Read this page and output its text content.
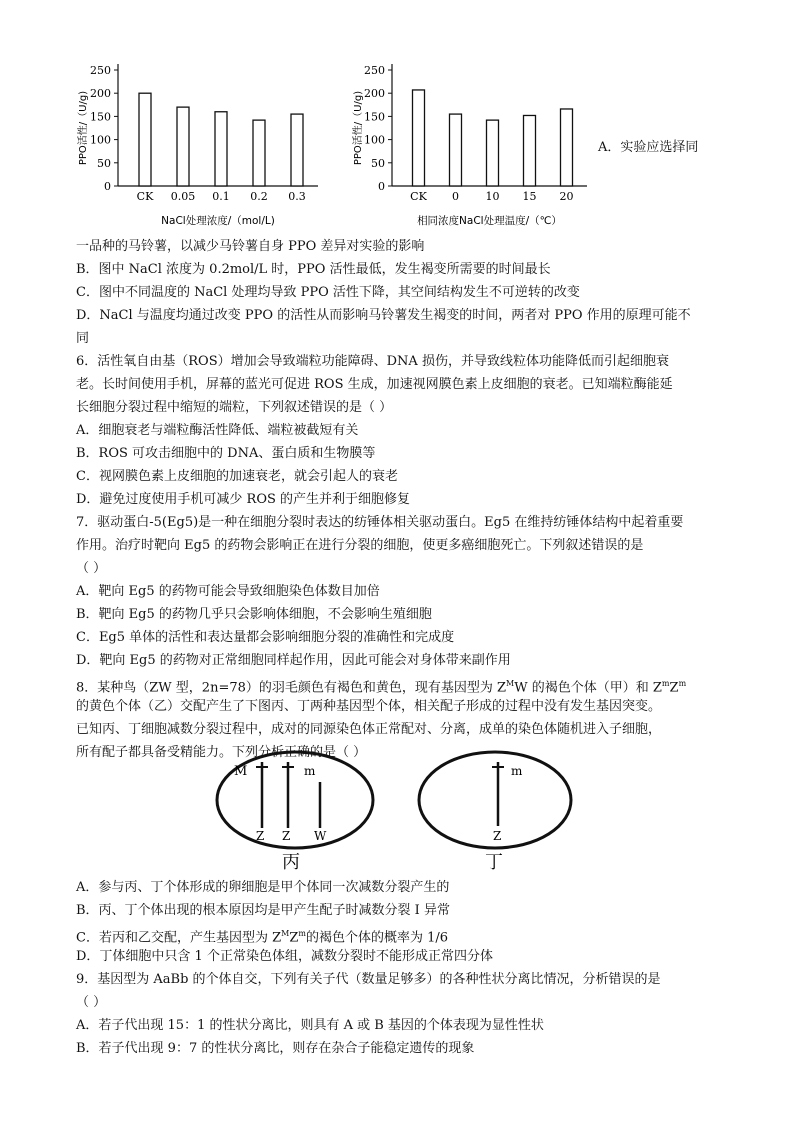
0
50
100
150
200
250
CK 0.05 0.1 0.2 0.3
PPO活性/（U/g)
NaCl处理浓度/（mol/L)
0
50
100
150
200
250
CK 0 10 15 20
PPO活性/（U/g)
相同浓度NaCl处理温度/（℃）
A．实验应选择同
一品种的马铃薯，以减少马铃薯自身 PPO 差异对实验的影响
B．图中 NaCl 浓度为 0.2mol/L 时，PPO 活性最低，发生褐变所需要的时间最长
C．图中不同温度的 NaCl 处理均导致 PPO 活性下降，其空间结构发生不可逆转的改变
D．NaCl 与温度均通过改变 PPO 的活性从而影响马铃薯发生褐变的时间，两者对 PPO 作用的原理可能不
同
6．活性氧自由基（ROS）增加会导致端粒功能障碍、DNA 损伤，并导致线粒体功能降低而引起细胞衰
老。长时间使用手机，屏幕的蓝光可促进 ROS 生成，加速视网膜色素上皮细胞的衰老。已知端粒酶能延
长细胞分裂过程中缩短的端粒，下列叙述错误的是（ ）
A．细胞衰老与端粒酶活性降低、端粒被截短有关
B．ROS 可攻击细胞中的 DNA、蛋白质和生物膜等
C．视网膜色素上皮细胞的加速衰老，就会引起人的衰老
D．避免过度使用手机可减少 ROS 的产生并利于细胞修复
7．驱动蛋白-5(Eg5)是一种在细胞分裂时表达的纺锤体相关驱动蛋白。Eg5 在维持纺锤体结构中起着重要
作用。治疗时靶向 Eg5 的药物会影响正在进行分裂的细胞，使更多癌细胞死亡。下列叙述错误的是
（ ）
A．靶向 Eg5 的药物可能会导致细胞染色体数目加倍
B．靶向 Eg5 的药物几乎只会影响体细胞，不会影响生殖细胞
C．Eg5 单体的活性和表达量都会影响细胞分裂的准确性和完成度
D．靶向 Eg5 的药物对正常细胞同样起作用，因此可能会对身体带来副作用
8．某种鸟（ZW 型，2n=78）的羽毛颜色有褐色和黄色，现有基因型为 $Z^MW$ 的褐色个体（甲）和 $Z^mZ^m$
的黄色个体（乙）交配产生了下图丙、丁两种基因型个体，相关配子形成的过程中没有发生基因突变。
已知丙、丁细胞减数分裂过程中，成对的同源染色体正常配对、分离，成单的染色体随机进入子细胞，
所有配子都具备受精能力。下列分析正确的是（ ）
M	m
Z Z W
丙
m
Z
丁
A．参与丙、丁个体形成的卵细胞是甲个体同一次减数分裂产生的
B．丙、丁个体出现的根本原因均是甲产生配子时减数分裂 I 异常
C．若丙和乙交配，产生基因型为 $Z^MZ^m$的褐色个体的概率为 1/6
D．丁体细胞中只含 1 个正常染色体组，减数分裂时不能形成正常四分体
9．基因型为 AaBb 的个体自交，下列有关子代（数量足够多）的各种性状分离比情况，分析错误的是
（ ）
A．若子代出现 15：1 的性状分离比，则具有 A 或 B 基因的个体表现为显性性状
B．若子代出现 9：7 的性状分离比，则存在杂合子能稳定遗传的现象
